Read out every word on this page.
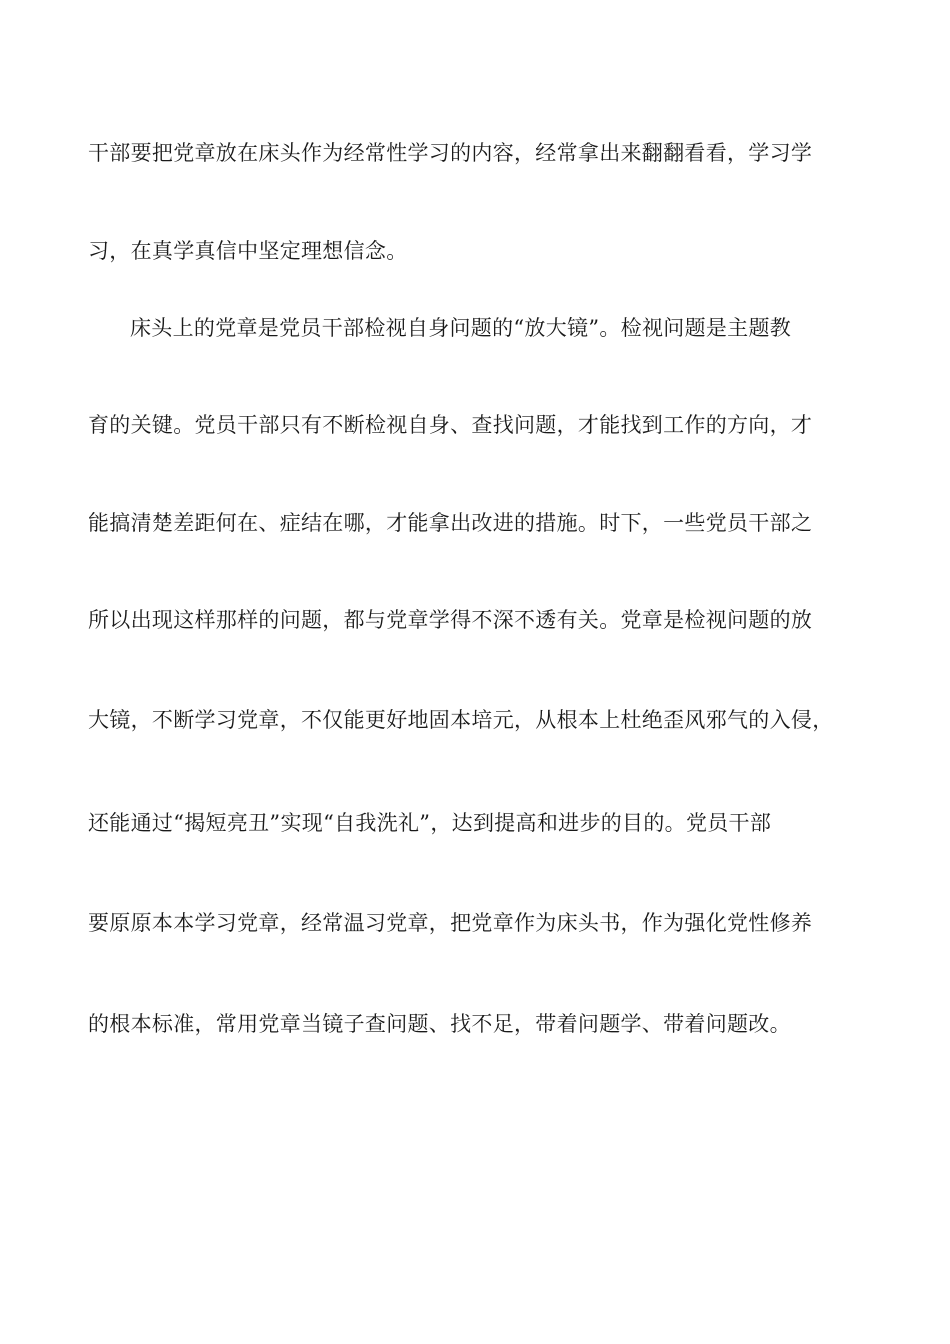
干部要把党章放在床头作为经常性学习的内容，经常拿出来翻翻看看，学习学
习，在真学真信中坚定理想信念。
床头上的党章是党员干部检视自身问题的“放大镜”。检视问题是主题教
育的关键。党员干部只有不断检视自身、查找问题，才能找到工作的方向，才
能搞清楚差距何在、症结在哪，才能拿出改进的措施。时下，一些党员干部之
所以出现这样那样的问题，都与党章学得不深不透有关。党章是检视问题的放
大镜，不断学习党章，不仅能更好地固本培元，从根本上杜绝歪风邪气的入侵，
还能通过“揭短亮丑”实现“自我洗礼”，达到提高和进步的目的。党员干部
要原原本本学习党章，经常温习党章，把党章作为床头书，作为强化党性修养
的根本标准，常用党章当镜子查问题、找不足，带着问题学、带着问题改。
